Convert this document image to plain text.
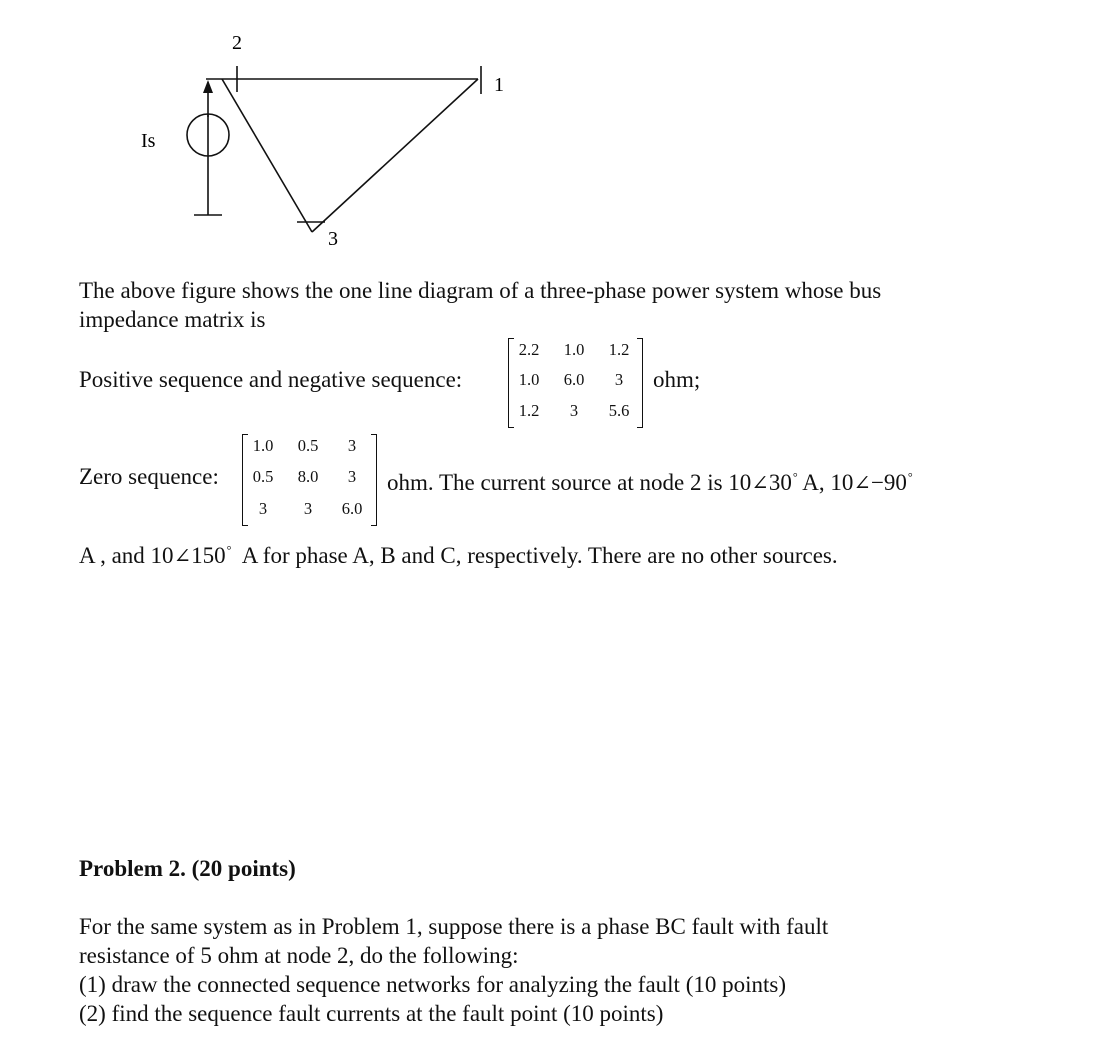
2
1
3
Is
The above figure shows the one line diagram of a three-phase power system whose bus
impedance matrix is
Positive sequence and negative sequence:
2.2	1.0	1.2
1.0	6.0	3
1.2	3	5.6
ohm;
Zero sequence:
1.0	0.5	3
0.5	8.0	3
3	3	6.0
ohm. The current source at node 2 is 10∠30° A, 10∠−90°
A , and 10∠150° A for phase A, B and C, respectively. There are no other sources.
Problem 2. (20 points)
For the same system as in Problem 1, suppose there is a phase BC fault with fault
resistance of 5 ohm at node 2, do the following:
(1) draw the connected sequence networks for analyzing the fault (10 points)
(2) find the sequence fault currents at the fault point (10 points)
